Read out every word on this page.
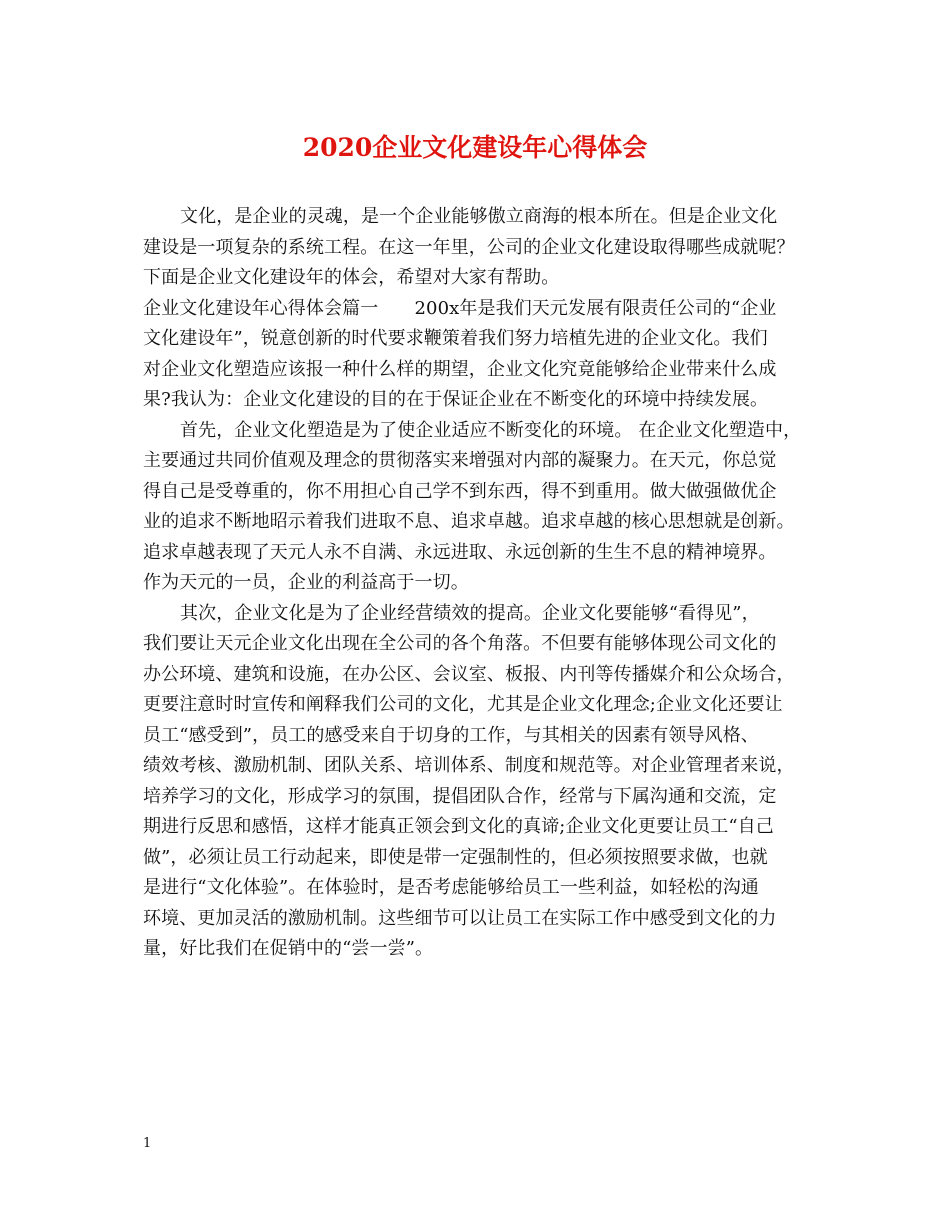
2020企业文化建设年心得体会
文化，是企业的灵魂，是一个企业能够傲立商海的根本所在。但是企业文化
建设是一项复杂的系统工程。在这一年里，公司的企业文化建设取得哪些成就呢？
下面是企业文化建设年的体会，希望对大家有帮助。
企业文化建设年心得体会篇一　　200x年是我们天元发展有限责任公司的“企业
文化建设年”，锐意创新的时代要求鞭策着我们努力培植先进的企业文化。我们
对企业文化塑造应该报一种什么样的期望，企业文化究竟能够给企业带来什么成
果?我认为：企业文化建设的目的在于保证企业在不断变化的环境中持续发展。
首先，企业文化塑造是为了使企业适应不断变化的环境。 在企业文化塑造中，
主要通过共同价值观及理念的贯彻落实来增强对内部的凝聚力。在天元，你总觉
得自己是受尊重的，你不用担心自己学不到东西，得不到重用。做大做强做优企
业的追求不断地昭示着我们进取不息、追求卓越。追求卓越的核心思想就是创新。
追求卓越表现了天元人永不自满、永远进取、永远创新的生生不息的精神境界。
作为天元的一员，企业的利益高于一切。
其次，企业文化是为了企业经营绩效的提高。企业文化要能够“看得见”，
我们要让天元企业文化出现在全公司的各个角落。不但要有能够体现公司文化的
办公环境、建筑和设施，在办公区、会议室、板报、内刊等传播媒介和公众场合，
更要注意时时宣传和阐释我们公司的文化，尤其是企业文化理念;企业文化还要让
员工“感受到”，员工的感受来自于切身的工作，与其相关的因素有领导风格、
绩效考核、激励机制、团队关系、培训体系、制度和规范等。对企业管理者来说，
培养学习的文化，形成学习的氛围，提倡团队合作，经常与下属沟通和交流，定
期进行反思和感悟，这样才能真正领会到文化的真谛;企业文化更要让员工“自己
做”，必须让员工行动起来，即使是带一定强制性的，但必须按照要求做，也就
是进行“文化体验”。在体验时，是否考虑能够给员工一些利益，如轻松的沟通
环境、更加灵活的激励机制。这些细节可以让员工在实际工作中感受到文化的力
量，好比我们在促销中的“尝一尝”。
1
